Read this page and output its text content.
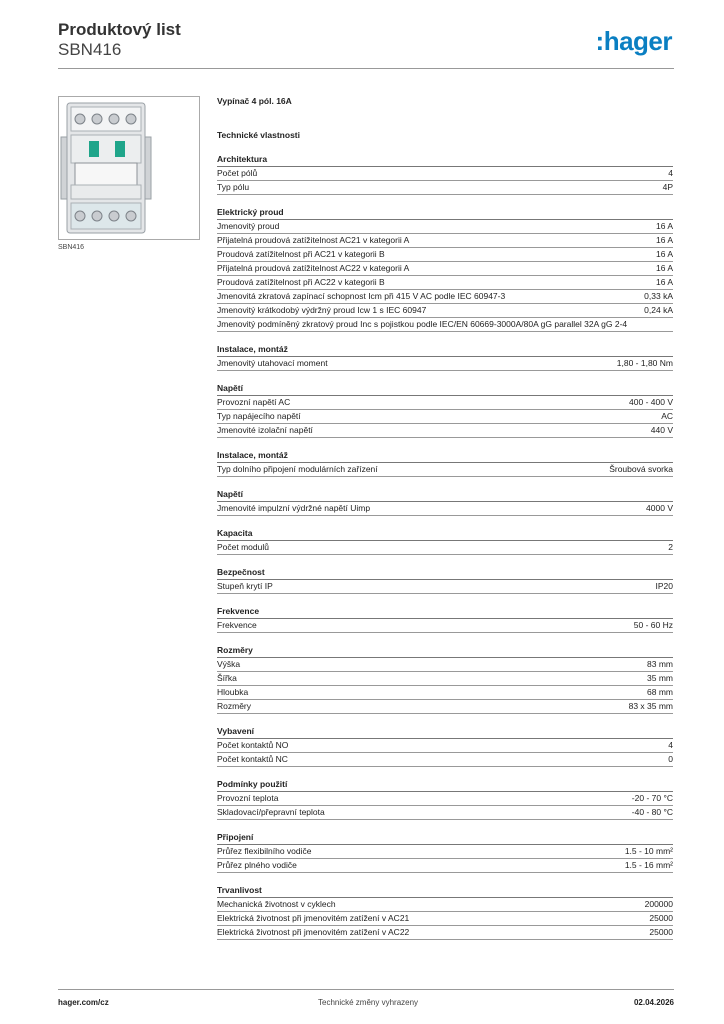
Produktový list
SBN416	:hager
SBN416
Vypínač 4 pól. 16A
Technické vlastnosti
Architektura
Počet pólů	4
Typ pólu	4P
Elektrický proud
Jmenovitý proud	16 A
Přijatelná proudová zatížitelnost AC21 v kategorii A	16 A
Proudová zatížitelnost při AC21 v kategorii B	16 A
Přijatelná proudová zatížitelnost AC22 v kategorii A	16 A
Proudová zatížitelnost při AC22 v kategorii B	16 A
Jmenovitá zkratová zapínací schopnost Icm při 415 V AC podle IEC 60947-3	0,33 kA
Jmenovitý krátkodobý výdržný proud Icw 1 s IEC 60947	0,24 kA
Jmenovitý podmíněný zkratový proud Inc s pojistkou podle IEC/EN 60669-3000A/80A gG parallel 32A gG 2-4
Instalace, montáž
Jmenovitý utahovací moment	1,80 - 1,80 Nm
Napětí
Provozní napětí AC	400 - 400 V
Typ napájecího napětí	AC
Jmenovité izolační napětí	440 V
Instalace, montáž
Typ dolního připojení modulárních zařízení	Šroubová svorka
Napětí
Jmenovité impulzní výdržné napětí Uimp	4000 V
Kapacita
Počet modulů	2
Bezpečnost
Stupeň krytí IP	IP20
Frekvence
Frekvence	50 - 60 Hz
Rozměry
Výška	83 mm
Šířka	35 mm
Hloubka	68 mm
Rozměry	83 x 35 mm
Vybavení
Počet kontaktů NO	4
Počet kontaktů NC	0
Podmínky použití
Provozní teplota	-20 - 70 °C
Skladovací/přepravní teplota	-40 - 80 °C
Připojení
Průřez flexibilního vodiče	1.5 - 10 mm²
Průřez plného vodiče	1.5 - 16 mm²
Trvanlivost
Mechanická životnost v cyklech	200000
Elektrická životnost při jmenovitém zatížení v AC21	25000
Elektrická životnost při jmenovitém zatížení v AC22	25000
hager.com/cz	Technické změny vyhrazeny	02.04.2026
